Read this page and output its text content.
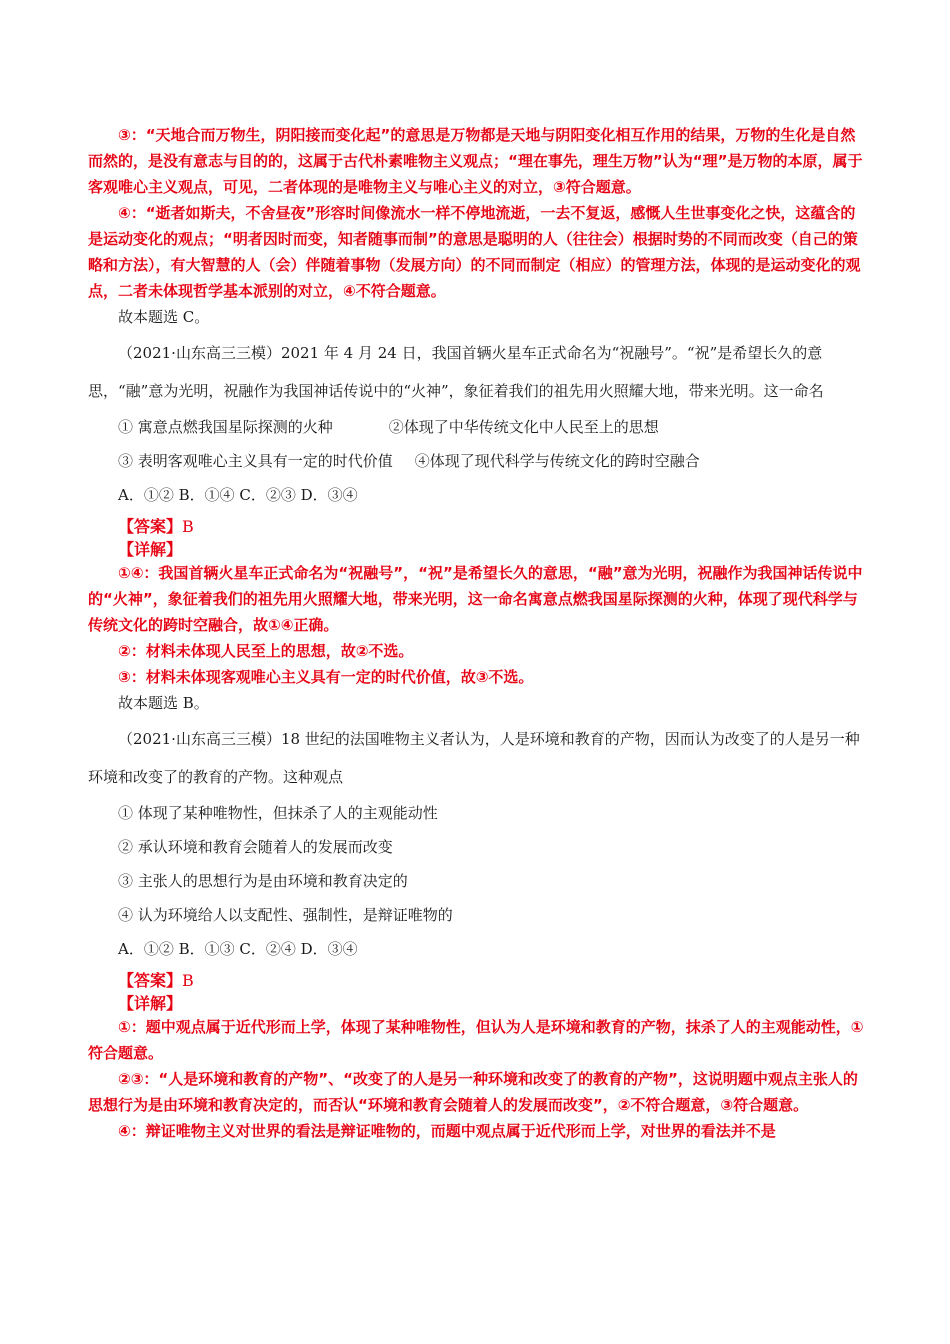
③：“天地合而万物生，阴阳接而变化起”的意思是万物都是天地与阴阳变化相互作用的结果，万物的生化是自然而然的，是没有意志与目的的，这属于古代朴素唯物主义观点；“理在事先，理生万物”认为“理”是万物的本原，属于客观唯心主义观点，可见，二者体现的是唯物主义与唯心主义的对立，③符合题意。

④：“逝者如斯夫，不舍昼夜”形容时间像流水一样不停地流逝，一去不复返，感慨人生世事变化之快，这蕴含的是运动变化的观点；“明者因时而变，知者随事而制”的意思是聪明的人（往往会）根据时势的不同而改变（自己的策略和方法），有大智慧的人（会）伴随着事物（发展方向）的不同而制定（相应）的管理方法，体现的是运动变化的观点，二者未体现哲学基本派别的对立，④不符合题意。

故本题选 C。

（2021·山东高三三模）2021 年 4 月 24 日，我国首辆火星车正式命名为“祝融号”。“祝”是希望长久的意思，“融”意为光明，祝融作为我国神话传说中的“火神”，象征着我们的祖先用火照耀大地，带来光明。这一命名

① 寓意点燃我国星际探测的火种	②体现了中华传统文化中人民至上的思想
③ 表明客观唯心主义具有一定的时代价值 ④体现了现代科学与传统文化的跨时空融合
A．①② B．①④ C．②③ D．③④

【答案】B

【详解】

①④：我国首辆火星车正式命名为“祝融号”，“祝”是希望长久的意思，“融”意为光明，祝融作为我国神话传说中的“火神”，象征着我们的祖先用火照耀大地，带来光明，这一命名寓意点燃我国星际探测的火种，体现了现代科学与传统文化的跨时空融合，故①④正确。

②：材料未体现人民至上的思想，故②不选。

③：材料未体现客观唯心主义具有一定的时代价值，故③不选。

故本题选 B。

（2021·山东高三三模）18 世纪的法国唯物主义者认为，人是环境和教育的产物，因而认为改变了的人是另一种环境和改变了的教育的产物。这种观点

① 体现了某种唯物性，但抹杀了人的主观能动性
② 承认环境和教育会随着人的发展而改变
③ 主张人的思想行为是由环境和教育决定的
④ 认为环境给人以支配性、强制性，是辩证唯物的
A．①② B．①③ C．②④ D．③④

【答案】B

【详解】

①：题中观点属于近代形而上学，体现了某种唯物性，但认为人是环境和教育的产物，抹杀了人的主观能动性，①符合题意。

②③：“人是环境和教育的产物”、“改变了的人是另一种环境和改变了的教育的产物”，这说明题中观点主张人的思想行为是由环境和教育决定的，而否认“环境和教育会随着人的发展而改变”，②不符合题意，③符合题意。

④：辩证唯物主义对世界的看法是辩证唯物的，而题中观点属于近代形而上学，对世界的看法并不是
